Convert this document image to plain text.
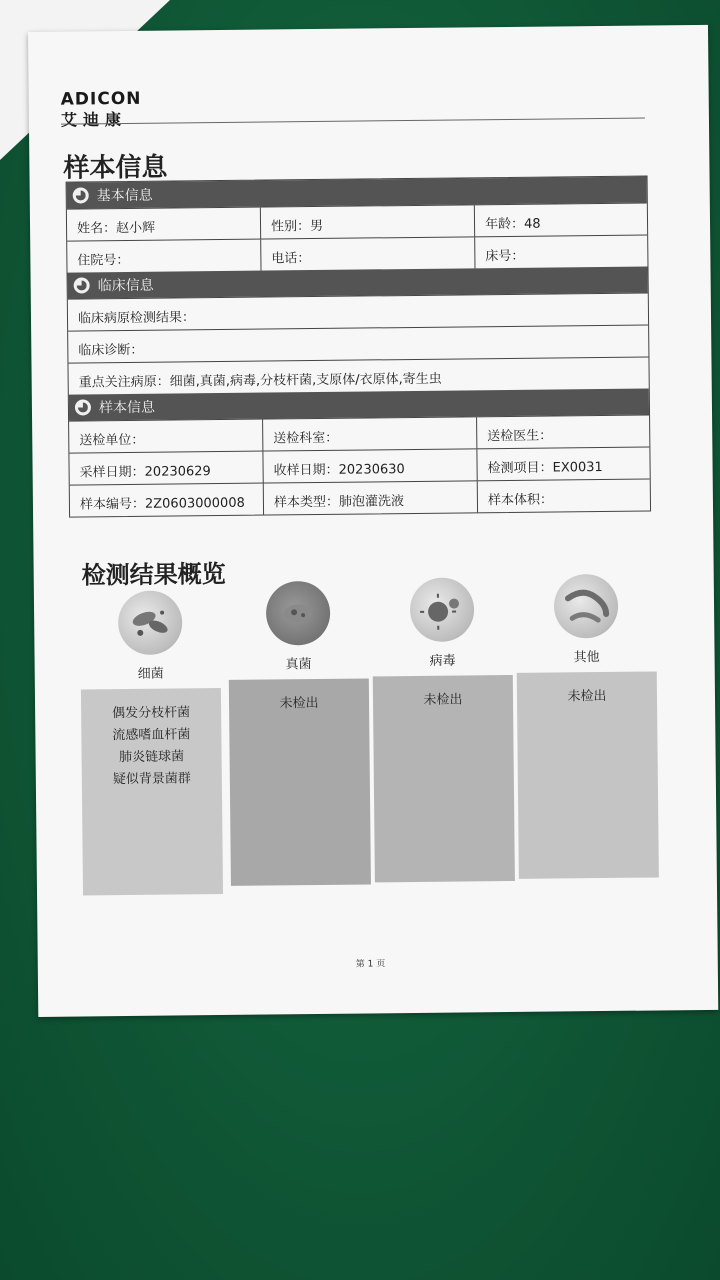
ADICON
艾迪康
样本信息
基本信息
姓名：赵小辉	性别：男	年龄：48
住院号：	电话：	床号：
临床信息
临床病原检测结果：
临床诊断：
重点关注病原：细菌,真菌,病毒,分枝杆菌,支原体/衣原体,寄生虫
样本信息
送检单位：	送检科室：	送检医生：
采样日期：20230629	收样日期：20230630	检测项目：EX0031
样本编号：2Z0603000008	样本类型：肺泡灌洗液	样本体积：
检测结果概览
细菌
偶发分枝杆菌
流感嗜血杆菌
肺炎链球菌
疑似背景菌群
真菌
未检出
病毒
未检出
其他
未检出
第 1 页
